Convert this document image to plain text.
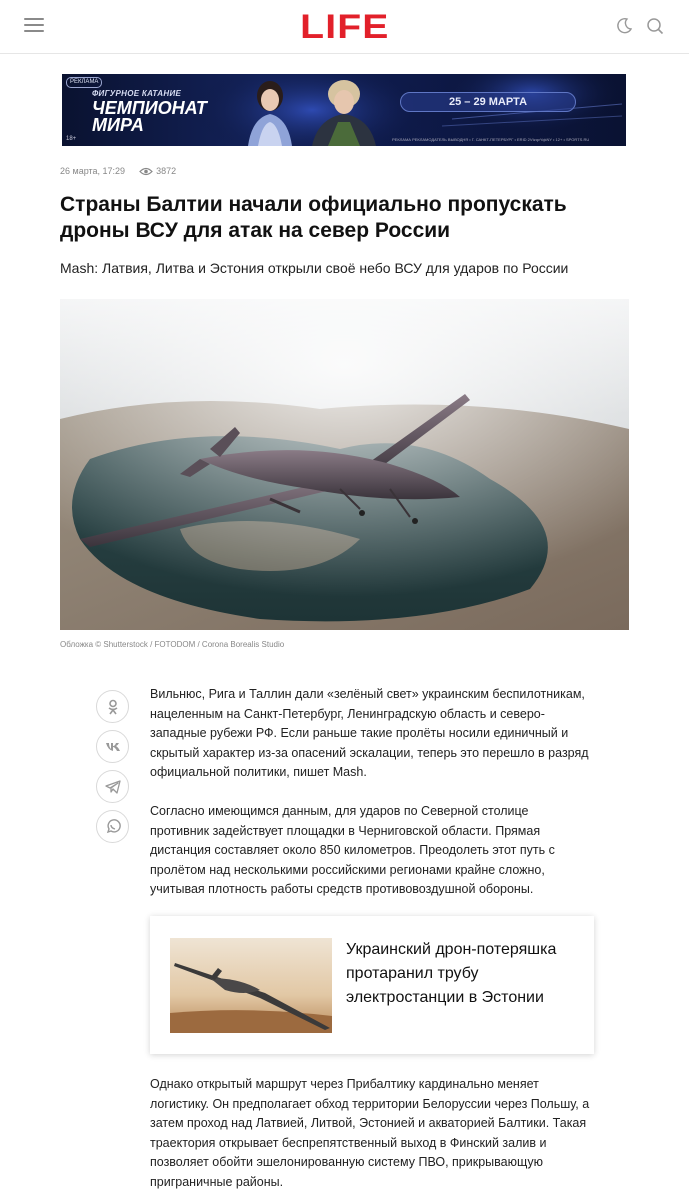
LIFE
РЕКЛАМА
ФИГУРНОЕ КАТАНИЕ
ЧЕМПИОНАТ
МИРА
25 – 29 МАРТА
18+	РЕКЛАМА РЕКЛАМОДАТЕЛЬ ВЫВОДНЯ • Г. САНКТ-ПЕТЕРБУРГ • ERID 2VtzqvYqkNY • 12+ • SPORTS.RU
26 марта, 17:29	3872
Страны Балтии начали официально пропускать дроны ВСУ для атак на север России

Mash: Латвия, Литва и Эстония открыли своё небо ВСУ для ударов по России

Обложка © Shutterstock / FOTODOM / Corona Borealis Studio

Вильнюс, Рига и Таллин дали «зелёный свет» украинским беспилотникам, нацеленным на Санкт-Петербург, Ленинградскую область и северо-западные рубежи РФ. Если раньше такие пролёты носили единичный и скрытый характер из-за опасений эскалации, теперь это перешло в разряд официальной политики, пишет Mash.

Согласно имеющимся данным, для ударов по Северной столице противник задействует площадки в Черниговской области. Прямая дистанция составляет около 850 километров. Преодолеть этот путь с пролётом над несколькими российскими регионами крайне сложно, учитывая плотность работы средств противовоздушной обороны.

Украинский дрон-потеряшка протаранил трубу электростанции в Эстонии

Однако открытый маршрут через Прибалтику кардинально меняет логистику. Он предполагает обход территории Белоруссии через Польшу, а затем проход над Латвией, Литвой, Эстонией и акваторией Балтики. Такая траектория открывает беспрепятственный выход в Финский залив и позволяет обойти эшелонированную систему ПВО, прикрывающую приграничные районы.
